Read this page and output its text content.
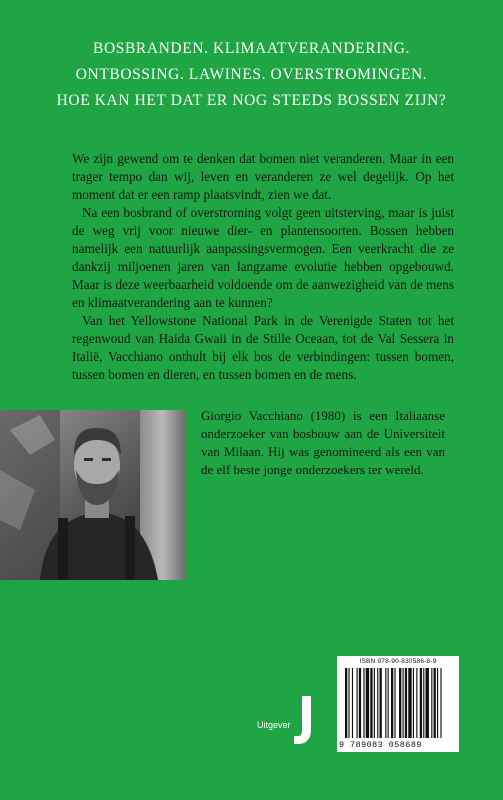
BOSBRANDEN. KLIMAATVERANDERING.
ONTBOSSING. LAWINES. OVERSTROMINGEN.
HOE KAN HET DAT ER NOG STEEDS BOSSEN ZIJN?

We zijn gewend om te denken dat bomen niet veranderen. Maar in een trager tempo dan wij, leven en veranderen ze wel degelijk. Op het moment dat er een ramp plaatsvindt, zien we dat.

Na een bosbrand of overstroming volgt geen uitsterving, maar is juist de weg vrij voor nieuwe dier- en plantensoorten. Bossen hebben namelijk een natuurlijk aanpassingsvermogen. Een veerkracht die ze dankzij miljoenen jaren van langzame evolutie hebben opgebouwd. Maar is deze weerbaarheid voldoende om de aanwezigheid van de mens en klimaatverandering aan te kunnen?

Van het Yellowstone National Park in de Verenigde Staten tot het regenwoud van Haida Gwaii in de Stille Oceaan, tot de Val Sessera in Italië, Vacchiano onthult bij elk bos de verbindingen: tussen bomen, tussen bomen en dieren, en tussen bomen en de mens.

Giorgio Vacchiano (1980) is een Italiaanse onderzoeker van bosbouw aan de Universiteit van Milaan. Hij was genomineerd als een van de elf beste jonge onderzoekers ter wereld.

Uitgever
ISBN 978-90-830586-8-9
9 789083 058689
